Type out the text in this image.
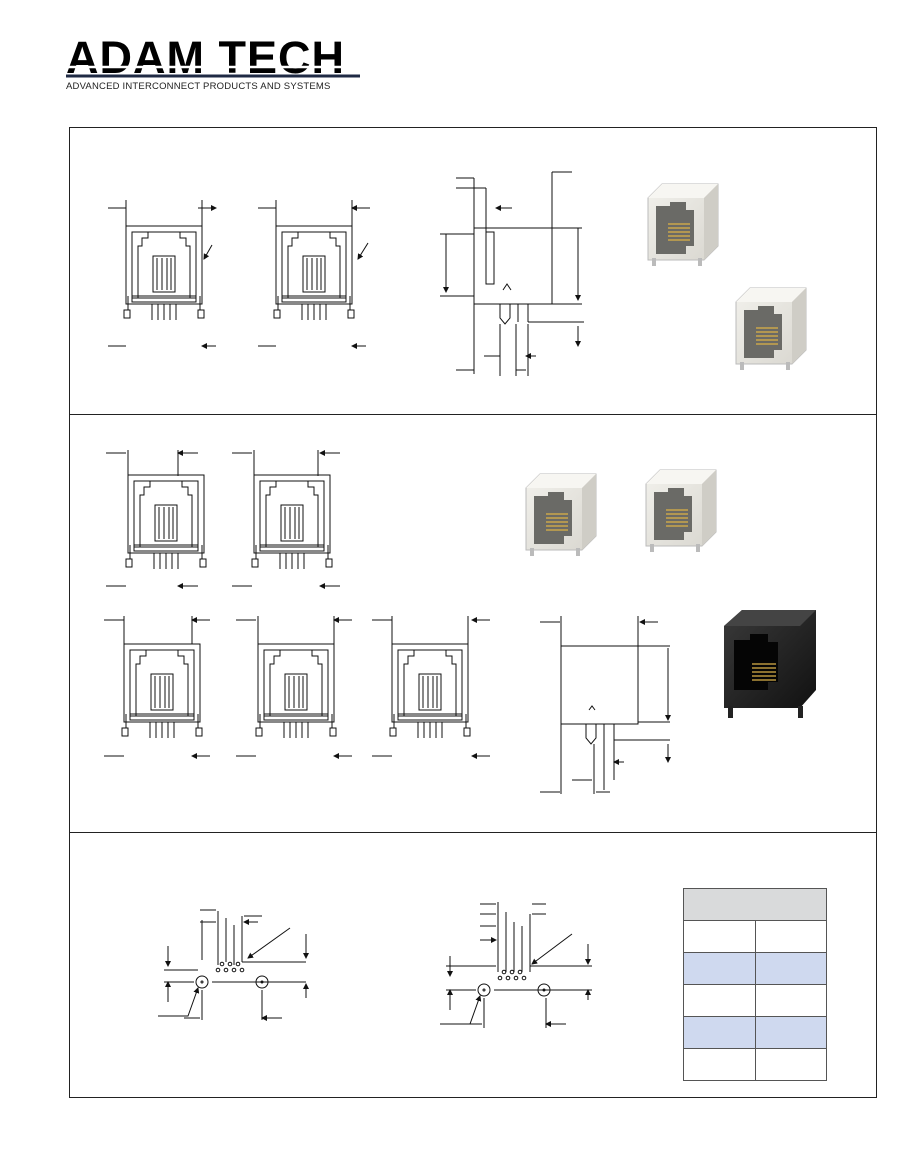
ADAM TECH
ADVANCED INTERCONNECT PRODUCTS AND SYSTEMS
